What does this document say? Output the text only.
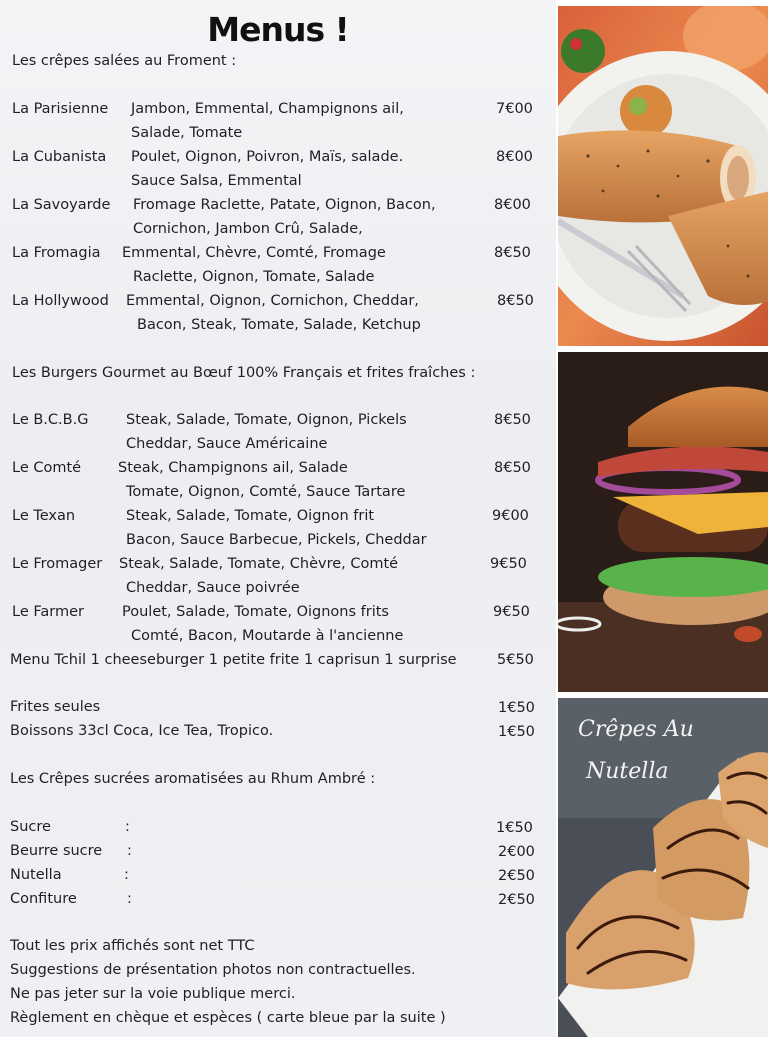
Menus !
Les crêpes salées au Froment :
La Parisienne Jambon, Emmental, Champignons ail,
Salade, Tomate
7€00
La Cubanista Poulet, Oignon, Poivron, Maïs, salade.
Sauce Salsa, Emmental
8€00
La Savoyarde Fromage Raclette, Patate, Oignon, Bacon,
Cornichon, Jambon Crû, Salade,
8€00
La Fromagia Emmental, Chèvre, Comté, Fromage
Raclette, Oignon, Tomate, Salade
8€50
La Hollywood Emmental, Oignon, Cornichon, Cheddar,
Bacon, Steak, Tomate, Salade, Ketchup
8€50
Les Burgers Gourmet au Bœuf 100% Français et frites fraîches :
Le B.C.B.G	Steak, Salade, Tomate, Oignon, Pickels
Cheddar, Sauce Américaine
8€50
Le Comté	Steak, Champignons ail, Salade
Tomate, Oignon, Comté, Sauce Tartare
8€50
Le Texan	Steak, Salade, Tomate, Oignon frit
Bacon, Sauce Barbecue, Pickels, Cheddar
9€00
Le Fromager Steak, Salade, Tomate, Chèvre, Comté
Cheddar, Sauce poivrée
9€50
Le Farmer	Poulet, Salade, Tomate, Oignons frits
Comté, Bacon, Moutarde à l'ancienne
9€50
Menu Tchil 1 cheeseburger 1 petite frite 1 caprisun 1 surprise	5€50
Frites seules	1€50
Boissons 33cl Coca, Ice Tea, Tropico.	1€50
Les Crêpes sucrées aromatisées au Rhum Ambré :
Sucre	:	1€50
Beurre sucre :	2€00
Nutella	:	2€50
Confiture	:	2€50
Tout les prix affichés sont net TTC
Suggestions de présentation photos non contractuelles.
Ne pas jeter sur la voie publique merci.
Règlement en chèque et espèces ( carte bleue par la suite )
Crêpes Au
Nutella
